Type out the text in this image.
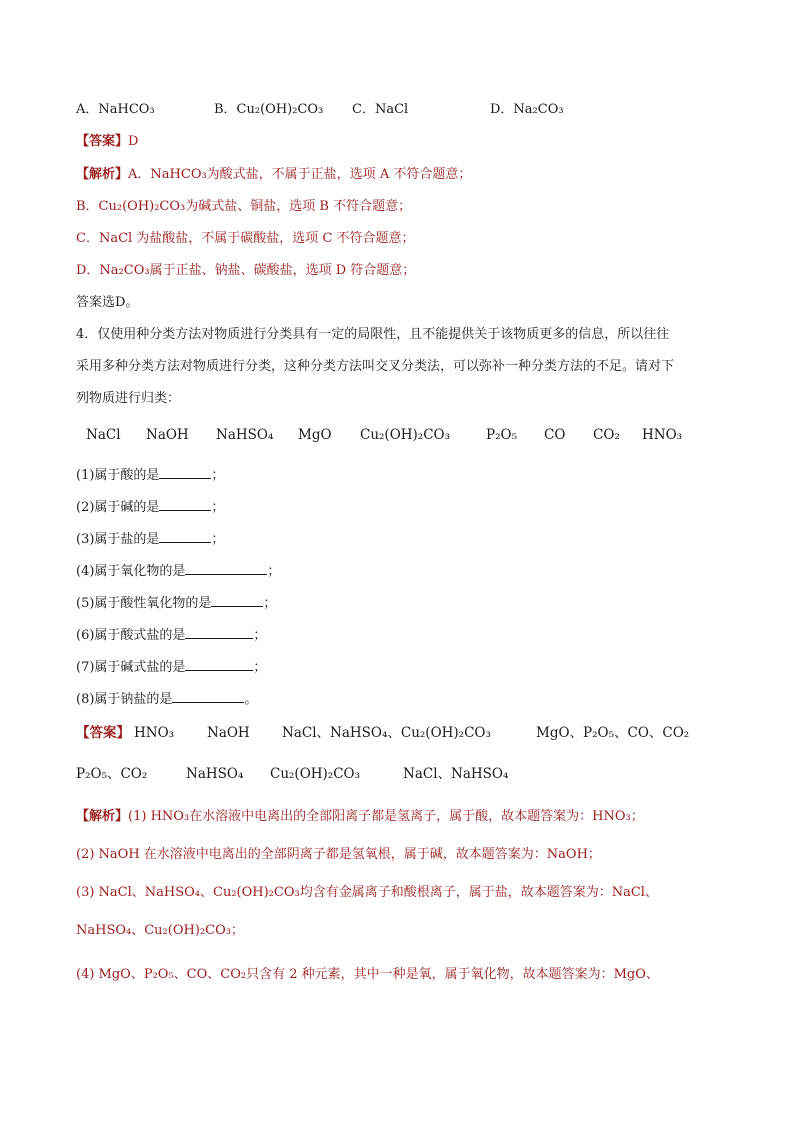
A．NaHCO₃	B．Cu₂(OH)₂CO₃ C．NaCl	D．Na₂CO₃
【答案】D
【解析】A．NaHCO₃为酸式盐，不属于正盐，选项 A 不符合题意；
B．Cu₂(OH)₂CO₃为碱式盐、铜盐，选项 B 不符合题意；
C．NaCl 为盐酸盐，不属于碳酸盐，选项 C 不符合题意；
D．Na₂CO₃属于正盐、钠盐、碳酸盐，选项 D 符合题意；
答案选D。
4．仅使用种分类方法对物质进行分类具有一定的局限性，且不能提供关于该物质更多的信息，所以往往
采用多种分类方法对物质进行分类，这种分类方法叫交叉分类法，可以弥补一种分类方法的不足。请对下
列物质进行归类：
NaCl NaOH NaHSO₄ MgO Cu₂(OH)₂CO₃	P₂O₅ CO CO₂ HNO₃
(1)属于酸的是	；
(2)属于碱的是	；
(3)属于盐的是	；
(4)属于氧化物的是	；
(5)属于酸性氧化物的是	；
(6)属于酸式盐的是	；
(7)属于碱式盐的是	；
(8)属于钠盐的是	。
【答案】 HNO₃ NaOH NaCl、NaHSO₄、Cu₂(OH)₂CO₃	MgO、P₂O₅、CO、CO₂
P₂O₅、CO₂	NaHSO₄ Cu₂(OH)₂CO₃	NaCl、NaHSO₄
【解析】(1) HNO₃在水溶液中电离出的全部阳离子都是氢离子，属于酸，故本题答案为：HNO₃；
(2) NaOH 在水溶液中电离出的全部阴离子都是氢氧根，属于碱，故本题答案为：NaOH；
(3) NaCl、NaHSO₄、Cu₂(OH)₂CO₃均含有金属离子和酸根离子，属于盐，故本题答案为：NaCl、
NaHSO₄、Cu₂(OH)₂CO₃；
(4) MgO、P₂O₅、CO、CO₂只含有 2 种元素，其中一种是氧，属于氧化物，故本题答案为：MgO、
